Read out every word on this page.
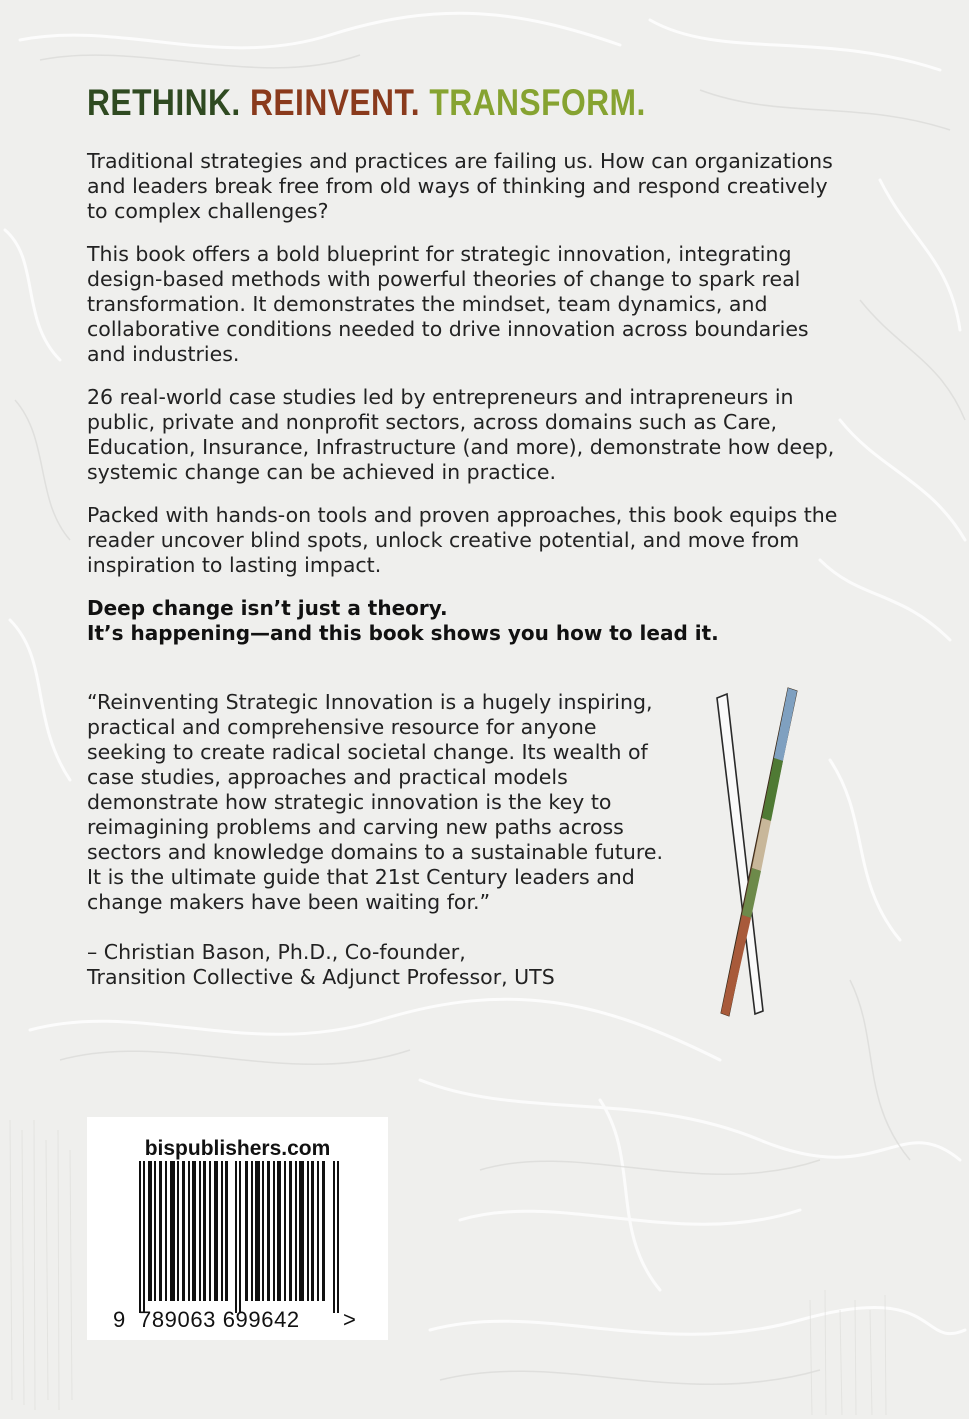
RETHINK. REINVENT. TRANSFORM.

Traditional strategies and practices are failing us. How can organizations and leaders break free from old ways of thinking and respond creatively to complex challenges?

This book offers a bold blueprint for strategic innovation, integrating design-based methods with powerful theories of change to spark real transformation. It demonstrates the mindset, team dynamics, and collaborative conditions needed to drive innovation across boundaries and industries.

26 real-world case studies led by entrepreneurs and intrapreneurs in public, private and nonprofit sectors, across domains such as Care, Education, Insurance, Infrastructure (and more), demonstrate how deep, systemic change can be achieved in practice.

Packed with hands-on tools and proven approaches, this book equips the reader uncover blind spots, unlock creative potential, and move from inspiration to lasting impact.

Deep change isn’t just a theory.
It’s happening—and this book shows you how to lead it.

“Reinventing Strategic Innovation is a hugely inspiring, practical and comprehensive resource for anyone seeking to create radical societal change. Its wealth of case studies, approaches and practical models demonstrate how strategic innovation is the key to reimagining problems and carving new paths across sectors and knowledge domains to a sustainable future. It is the ultimate guide that 21st Century leaders and change makers have been waiting for.”

– Christian Bason, Ph.D., Co-founder,
Transition Collective & Adjunct Professor, UTS

bispublishers.com
9 789063 699642 >
